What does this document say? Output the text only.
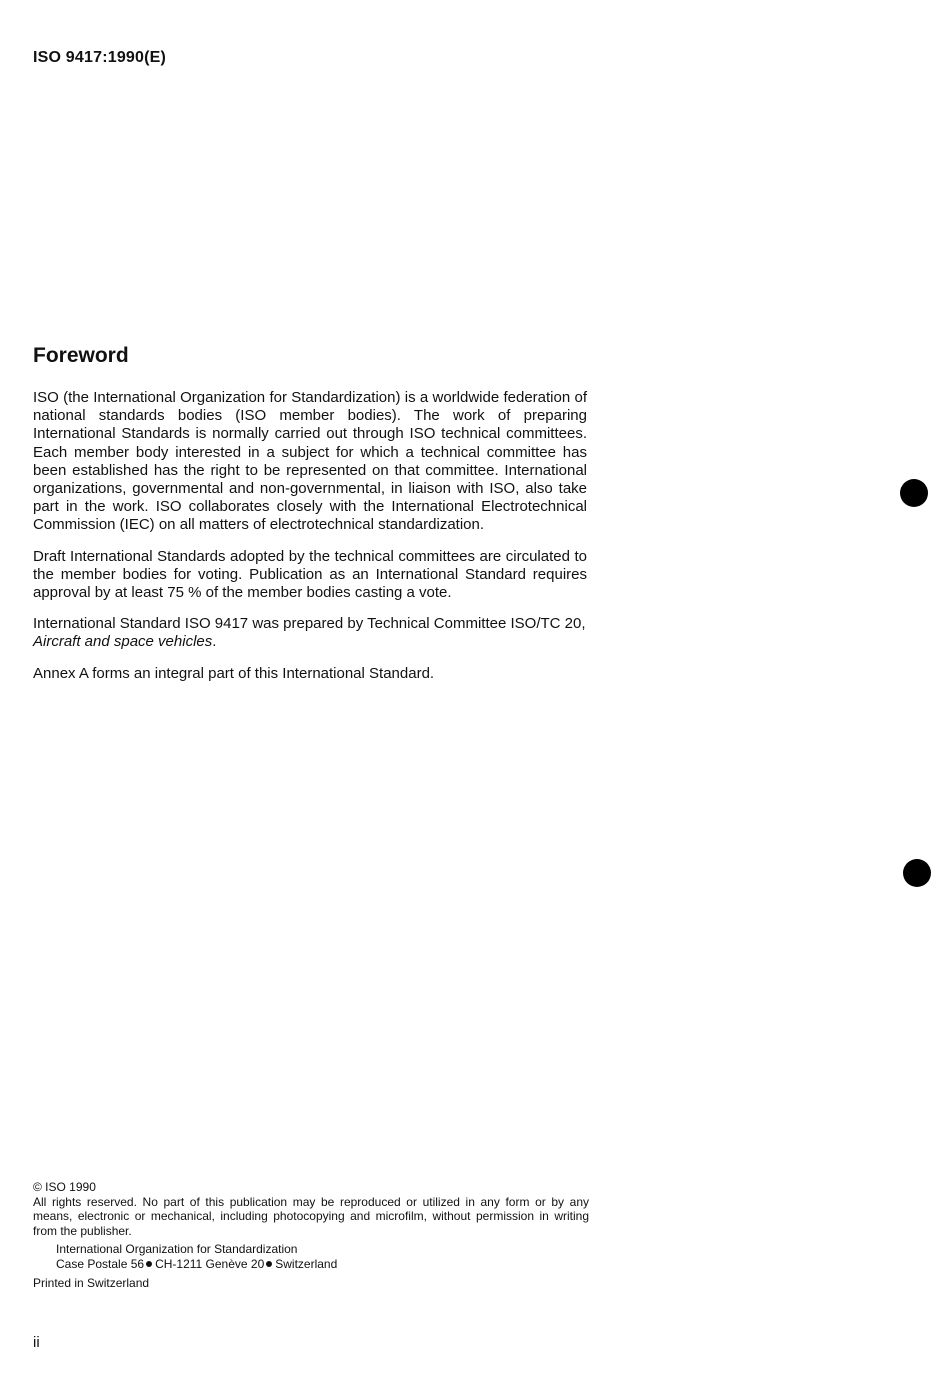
ISO 9417:1990(E)
Foreword

ISO (the International Organization for Standardization) is a worldwide federation of national standards bodies (ISO member bodies). The work of preparing International Standards is normally carried out through ISO technical committees. Each member body interested in a subject for which a technical committee has been established has the right to be represented on that committee. International organizations, governmental and non-governmental, in liaison with ISO, also take part in the work. ISO collaborates closely with the International Electrotechnical Commission (IEC) on all matters of electrotechnical standardization.

Draft International Standards adopted by the technical committees are circulated to the member bodies for voting. Publication as an International Standard requires approval by at least 75 % of the member bodies casting a vote.

International Standard ISO 9417 was prepared by Technical Committee ISO/TC 20, Aircraft and space vehicles.

Annex A forms an integral part of this International Standard.

© ISO 1990
All rights reserved. No part of this publication may be reproduced or utilized in any form or by any means, electronic or mechanical, including photocopying and microfilm, without permission in writing from the publisher.
International Organization for Standardization
Case Postale 56 CH-1211 Genève 20 Switzerland
Printed in Switzerland
ii
